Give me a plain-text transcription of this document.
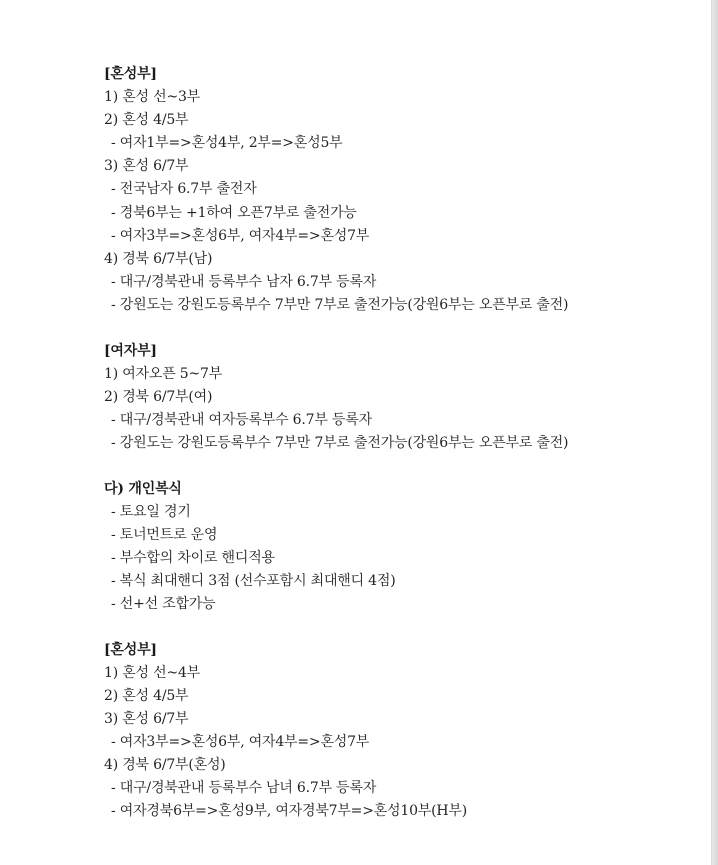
[혼성부]
1) 혼성 선~3부
2) 혼성 4/5부
- 여자1부=>혼성4부, 2부=>혼성5부
3) 혼성 6/7부
- 전국남자 6.7부 출전자
- 경북6부는 +1하여 오픈7부로 출전가능
- 여자3부=>혼성6부, 여자4부=>혼성7부
4) 경북 6/7부(남)
- 대구/경북관내 등록부수 남자 6.7부 등록자
- 강원도는 강원도등록부수 7부만 7부로 출전가능(강원6부는 오픈부로 출전)
[여자부]
1) 여자오픈 5~7부
2) 경북 6/7부(여)
- 대구/경북관내 여자등록부수 6.7부 등록자
- 강원도는 강원도등록부수 7부만 7부로 출전가능(강원6부는 오픈부로 출전)
다) 개인복식
- 토요일 경기
- 토너먼트로 운영
- 부수합의 차이로 핸디적용
- 복식 최대핸디 3점 (선수포함시 최대핸디 4점)
- 선+선 조합가능
[혼성부]
1) 혼성 선~4부
2) 혼성 4/5부
3) 혼성 6/7부
- 여자3부=>혼성6부, 여자4부=>혼성7부
4) 경북 6/7부(혼성)
- 대구/경북관내 등록부수 남녀 6.7부 등록자
- 여자경북6부=>혼성9부, 여자경북7부=>혼성10부(H부)
